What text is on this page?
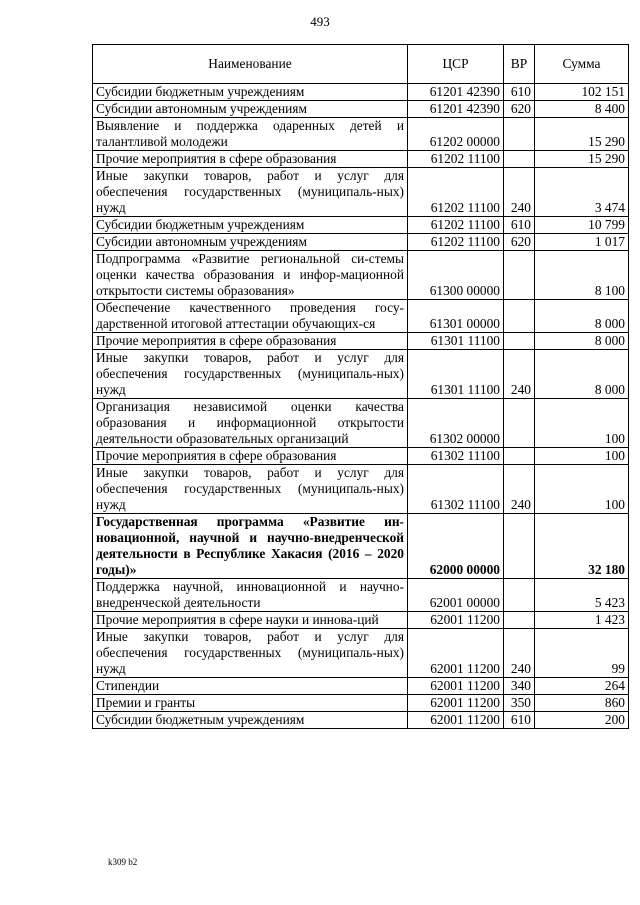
493
Наименование	ЦСР	ВР	Сумма
Субсидии бюджетным учреждениям	61201 42390	610	102 151
Субсидии автономным учреждениям	61201 42390	620	8 400
Выявление и поддержка одаренных детей и талантливой молодежи	61202 00000		15 290
Прочие мероприятия в сфере образования	61202 11100		15 290
Иные закупки товаров, работ и услуг для обеспечения государственных (муниципаль-ных) нужд	61202 11100	240	3 474
Субсидии бюджетным учреждениям	61202 11100	610	10 799
Субсидии автономным учреждениям	61202 11100	620	1 017
Подпрограмма «Развитие региональной си-стемы оценки качества образования и инфор-мационной открытости системы образования»	61300 00000		8 100
Обеспечение качественного проведения госу-дарственной итоговой аттестации обучающих-ся	61301 00000		8 000
Прочие мероприятия в сфере образования	61301 11100		8 000
Иные закупки товаров, работ и услуг для обеспечения государственных (муниципаль-ных) нужд	61301 11100	240	8 000
Организация независимой оценки качества образования и информационной открытости деятельности образовательных организаций	61302 00000		100
Прочие мероприятия в сфере образования	61302 11100		100
Иные закупки товаров, работ и услуг для обеспечения государственных (муниципаль-ных) нужд	61302 11100	240	100
Государственная программа «Развитие ин-новационной, научной и научно-внедренческой деятельности в Республике Хакасия (2016 – 2020 годы)»	62000 00000		32 180
Поддержка научной, инновационной и научно-внедренческой деятельности	62001 00000		5 423
Прочие мероприятия в сфере науки и иннова-ций	62001 11200		1 423
Иные закупки товаров, работ и услуг для обеспечения государственных (муниципаль-ных) нужд	62001 11200	240	99
Стипендии	62001 11200	340	264
Премии и гранты	62001 11200	350	860
Субсидии бюджетным учреждениям	62001 11200	610	200
k309 b2
